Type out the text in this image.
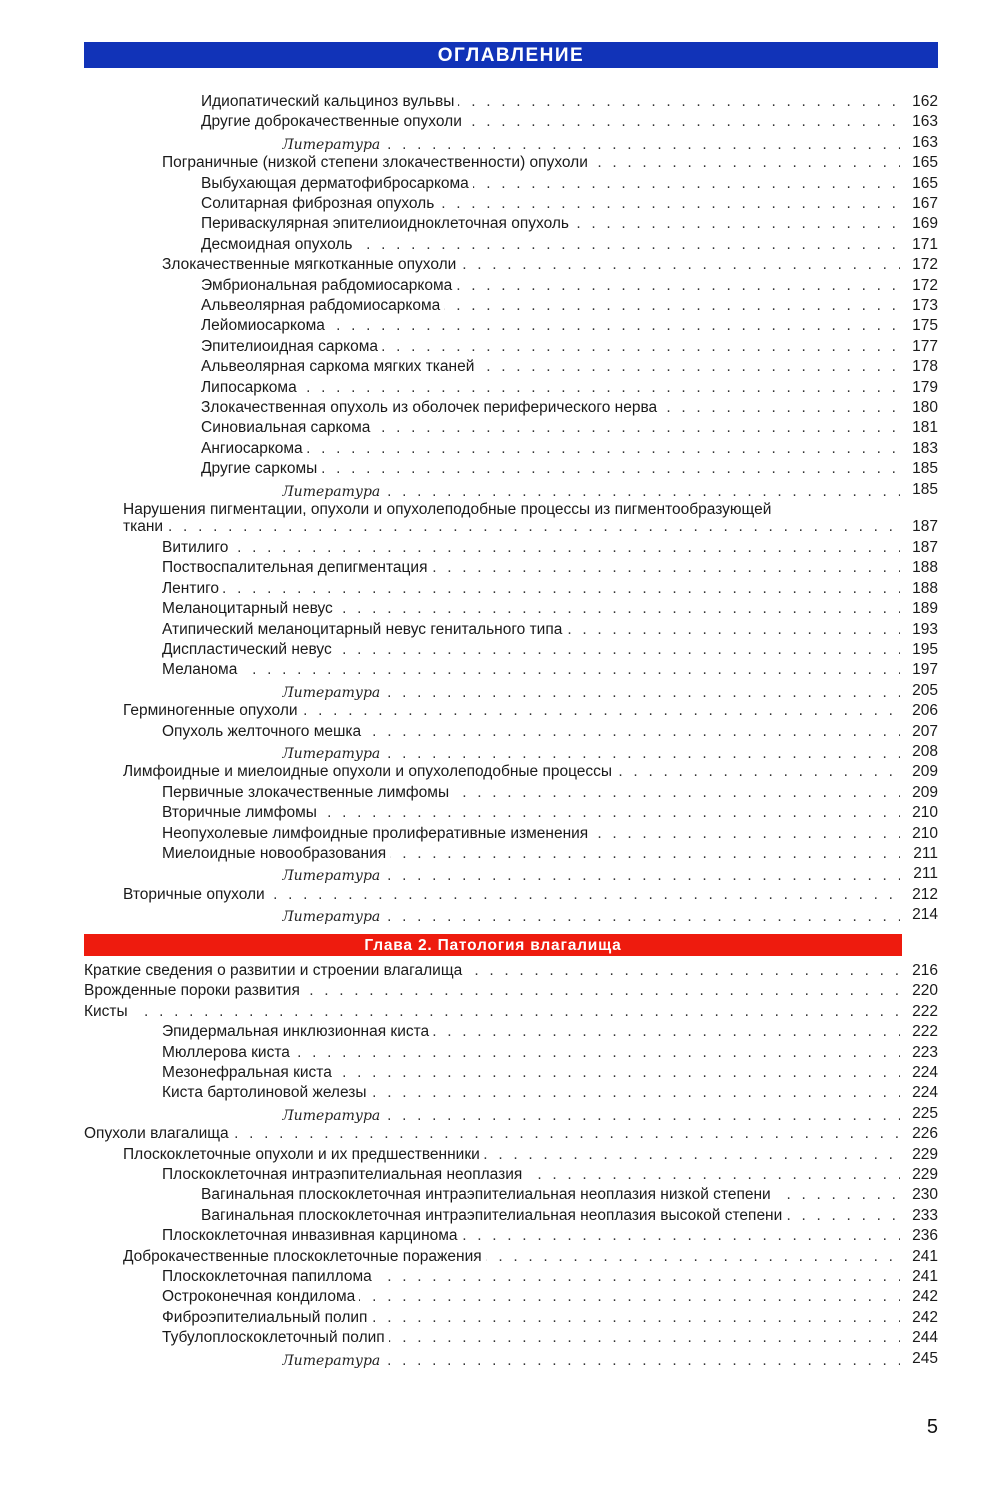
ОГЛАВЛЕНИЕ
Идиопатический кальциноз вульвы . . .	162
Другие доброкачественные опухоли . . .	163
Литература . . .	163
Пограничные (низкой степени злокачественности) опухоли . . .	165
Выбухающая дерматофибросаркома . . .	165
Солитарная фиброзная опухоль . . .	167
Периваскулярная эпителиоидноклеточная опухоль . . .	169
Десмоидная опухоль . . .	171
Злокачественные мягкотканные опухоли . . .	172
Эмбриональная рабдомиосаркома . . .	172
Альвеолярная рабдомиосаркома . . .	173
Лейомиосаркома . . .	175
Эпителиоидная саркома . . .	177
Альвеолярная саркома мягких тканей . . .	178
Липосаркома . . .	179
Злокачественная опухоль из оболочек периферического нерва . . .	180
Синовиальная саркома . . .	181
Ангиосаркома . . .	183
Другие саркомы . . .	185
Литература . . .	185
Нарушения пигментации, опухоли и опухолеподобные процессы из пигментообразующей
ткани . . .	187
Витилиго . . .	187
Поствоспалительная депигментация . . .	188
Лентиго . . .	188
Меланоцитарный невус . . .	189
Атипический меланоцитарный невус генитального типа . . .	193
Диспластический невус . . .	195
Меланома . . .	197
Литература . . .	205
Герминогенные опухоли . . .	206
Опухоль желточного мешка . . .	207
Литература . . .	208
Лимфоидные и миелоидные опухоли и опухолеподобные процессы . . .	209
Первичные злокачественные лимфомы . . .	209
Вторичные лимфомы . . .	210
Неопухолевые лимфоидные пролиферативные изменения . . .	210
Миелоидные новообразования . . .	211
Литература . . .	211
Вторичные опухоли . . .	212
Литература . . .	214
Краткие сведения о развитии и строении влагалища . . .	216
Врожденные пороки развития . . .	220
Кисты . . .	222
Эпидермальная инклюзионная киста . . .	222
Мюллерова киста . . .	223
Мезонефральная киста . . .	224
Киста бартолиновой железы . . .	224
Литература . . .	225
Опухоли влагалища . . .	226
Плоскоклеточные опухоли и их предшественники . . .	229
Плоскоклеточная интраэпителиальная неоплазия . . .	229
Вагинальная плоскоклеточная интраэпителиальная неоплазия низкой степени . . .	230
Вагинальная плоскоклеточная интраэпителиальная неоплазия высокой степени . . .	233
Плоскоклеточная инвазивная карцинома . . .	236
Доброкачественные плоскоклеточные поражения . . .	241
Плоскоклеточная папиллома . . .	241
Остроконечная кондилома . . .	242
Фиброэпителиальный полип . . .	242
Тубулоплоскоклеточный полип . . .	244
Литература . . .	245
Глава 2. Патология влагалища
5
